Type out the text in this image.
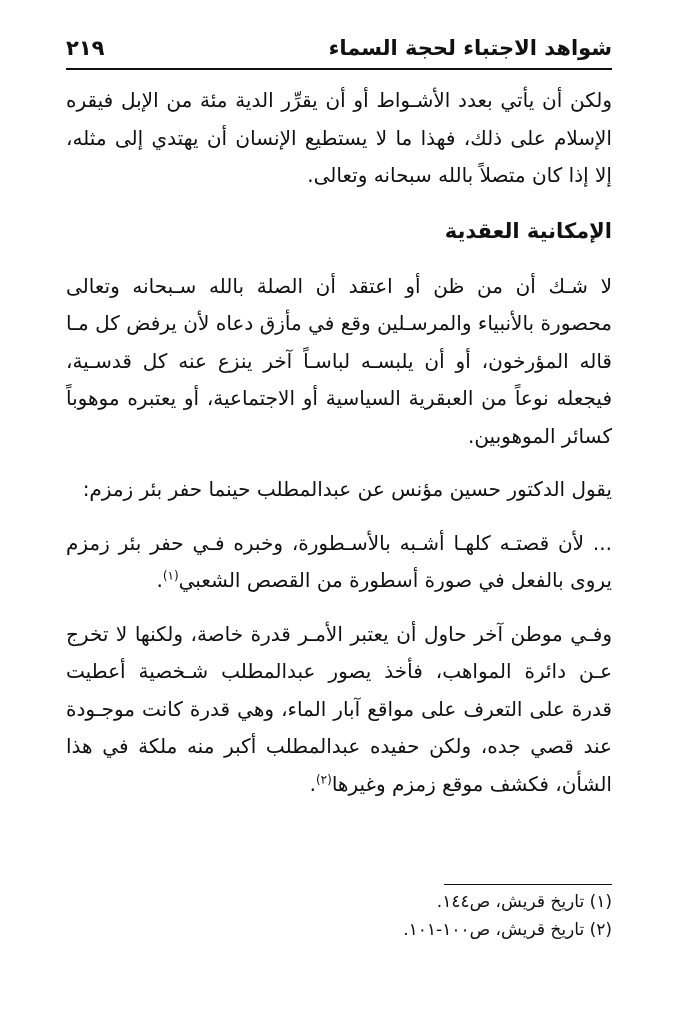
شواهد الاجتباء لحجة السماء
٢١٩

ولكن أن يأتي بعدد الأشـواط أو أن يقرِّر الدية مئة من الإبل فيقره الإسلام على ذلك، فهذا ما لا يستطيع الإنسان أن يهتدي إلى مثله، إلا إذا كان متصلاً بالله سبحانه وتعالى.

الإمكانية العقدية

لا شـك أن من ظن أو اعتقد أن الصلة بالله سـبحانه وتعالى محصورة بالأنبياء والمرسـلين وقع في مأزق دعاه لأن يرفض كل مـا قاله المؤرخون، أو أن يلبسـه لباسـاً آخر ينزع عنه كل قدسـية، فيجعله نوعاً من العبقرية السياسية أو الاجتماعية، أو يعتبره موهوباً كسائر الموهوبين.

يقول الدكتور حسين مؤنس عن عبدالمطلب حينما حفر بئر زمزم:

... لأن قصتـه كلهـا أشـبه بالأسـطورة، وخبره فـي حفر بئر زمزم يروى بالفعل في صورة أسطورة من القصص الشعبي$^{(١)}$.

وفـي موطن آخر حاول أن يعتبر الأمـر قدرة خاصة، ولكنها لا تخرج عـن دائرة المواهب، فأخذ يصور عبدالمطلب شـخصية أعطيت قدرة على التعرف على مواقع آبار الماء، وهي قدرة كانت موجـودة عند قصي جده، ولكن حفيده عبدالمطلب أكبر منه ملكة في هذا الشأن، فكشف موقع زمزم وغيرها$^{(٢)}$.

(١) تاريخ قريش، ص١٤٤.
(٢) تاريخ قريش، ص١٠٠-١٠١.
